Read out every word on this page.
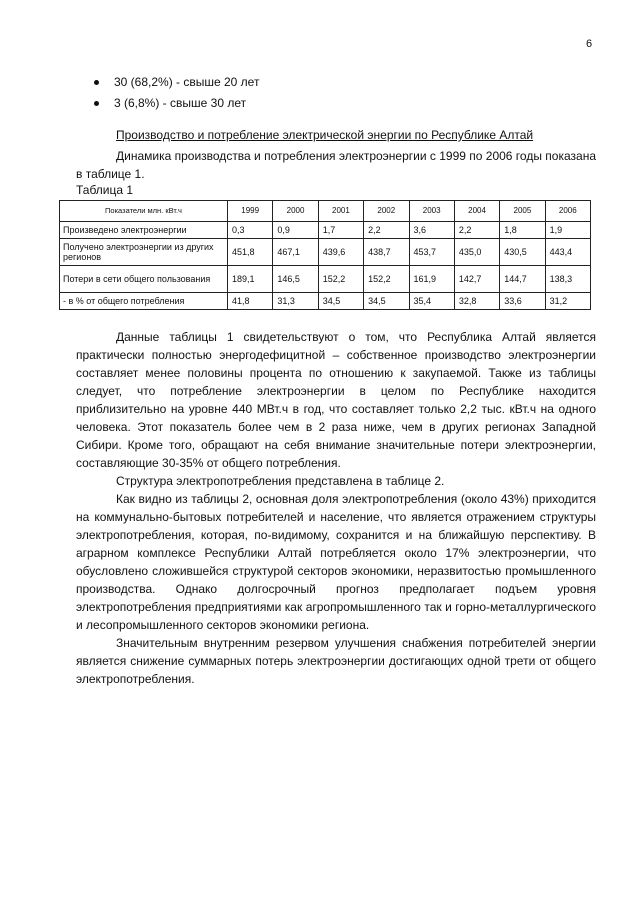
6
30 (68,2%) - свыше 20 лет
3 (6,8%) - свыше 30 лет
Производство и потребление электрической энергии по Республике Алтай

Динамика производства и потребления электроэнергии с 1999 по 2006 годы показана в таблице 1.

Таблица 1
Показатели млн. кВт.ч	1999	2000	2001	2002	2003	2004	2005	2006
Произведено электроэнергии	0,3	0,9	1,7	2,2	3,6	2,2	1,8	1,9
Получено электроэнергии из других регионов	451,8	467,1	439,6	438,7	453,7	435,0	430,5	443,4
Потери в сети общего пользования	189,1	146,5	152,2	152,2	161,9	142,7	144,7	138,3
- в % от общего потребления	41,8	31,3	34,5	34,5	35,4	32,8	33,6	31,2

Данные таблицы 1 свидетельствуют о том, что Республика Алтай является практически полностью энергодефицитной – собственное производство электроэнергии составляет менее половины процента по отношению к закупаемой. Также из таблицы следует, что потребление электроэнергии в целом по Республике находится приблизительно на уровне 440 МВт.ч в год, что составляет только 2,2 тыс. кВт.ч на одного человека. Этот показатель более чем в 2 раза ниже, чем в других регионах Западной Сибири. Кроме того, обращают на себя внимание значительные потери электроэнергии, составляющие 30-35% от общего потребления.

Структура электропотребления представлена в таблице 2.

Как видно из таблицы 2, основная доля электропотребления (около 43%) приходится на коммунально-бытовых потребителей и население, что является отражением структуры электропотребления, которая, по-видимому, сохранится и на ближайшую перспективу. В аграрном комплексе Республики Алтай потребляется около 17% электроэнергии, что обусловлено сложившейся структурой секторов экономики, неразвитостью промышленного производства. Однако долгосрочный прогноз предполагает подъем уровня электропотребления предприятиями как агропромышленного так и горно-металлургического и лесопромышленного секторов экономики региона.

Значительным внутренним резервом улучшения снабжения потребителей энергии является снижение суммарных потерь электроэнергии достигающих одной трети от общего электропотребления.
